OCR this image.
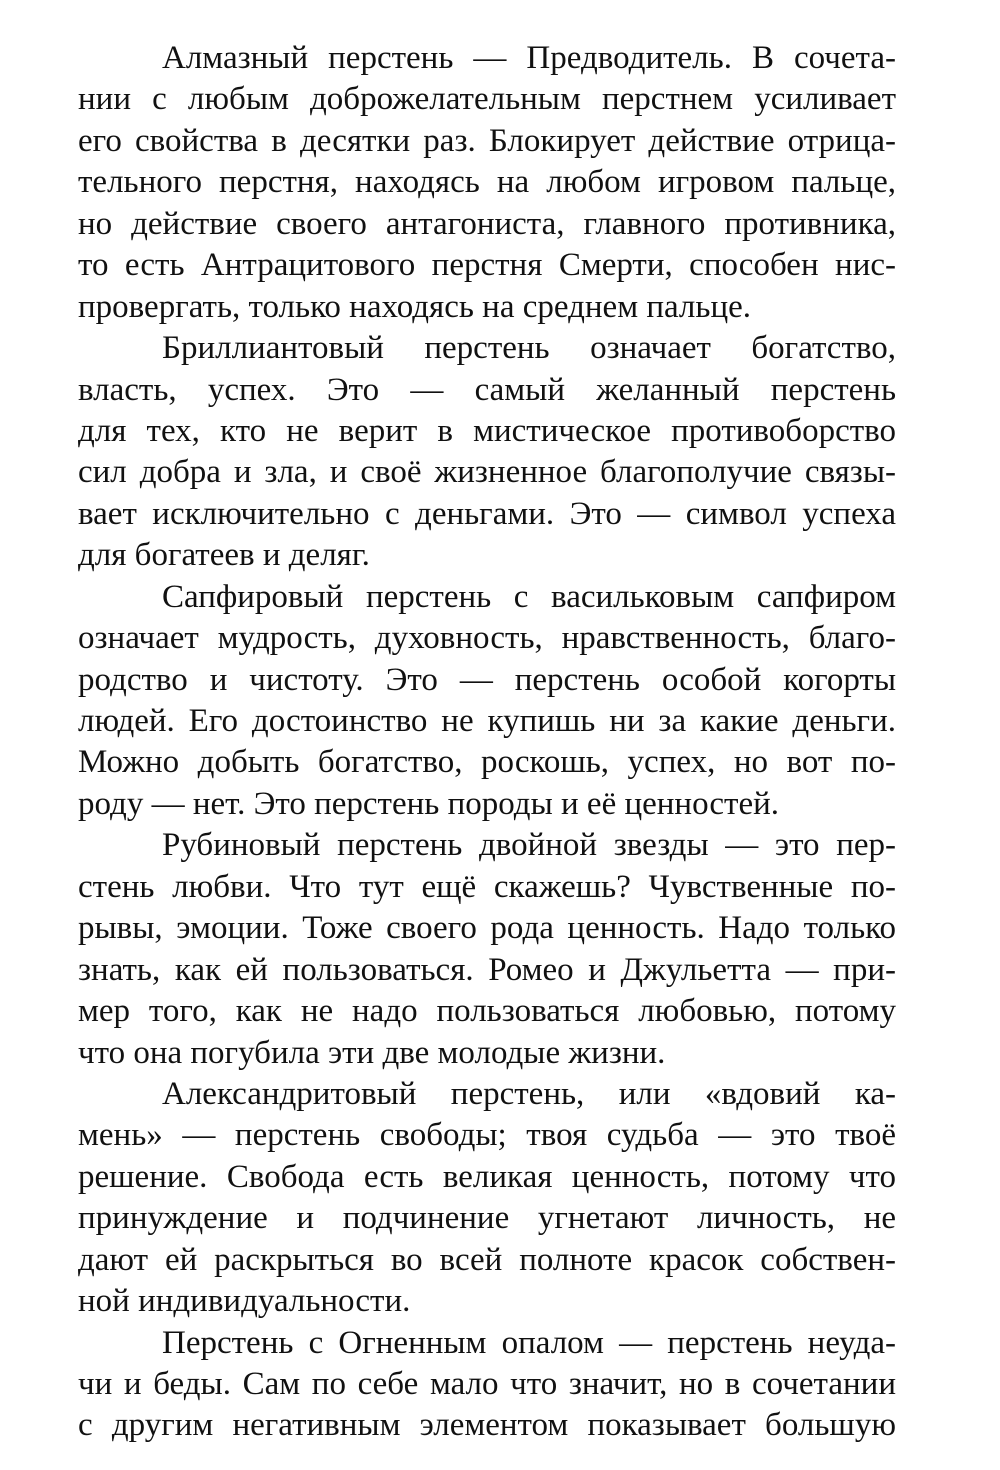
Алмазный перстень — Предводитель. В сочета-
нии с любым доброжелательным перстнем усиливает
его свойства в десятки раз. Блокирует действие отрица-
тельного перстня, находясь на любом игровом пальце,
но действие своего антагониста, главного противника,
то есть Антрацитового перстня Смерти, способен нис-
провергать, только находясь на среднем пальце.

Бриллиантовый перстень означает богатство,
власть, успех. Это — самый желанный перстень
для тех, кто не верит в мистическое противоборство
сил добра и зла, и своё жизненное благополучие связы-
вает исключительно с деньгами. Это — символ успеха
для богатеев и деляг.

Сапфировый перстень с васильковым сапфиром
означает мудрость, духовность, нравственность, благо-
родство и чистоту. Это — перстень особой когорты
людей. Его достоинство не купишь ни за какие деньги.
Можно добыть богатство, роскошь, успех, но вот по-
роду — нет. Это перстень породы и её ценностей.

Рубиновый перстень двойной звезды — это пер-
стень любви. Что тут ещё скажешь? Чувственные по-
рывы, эмоции. Тоже своего рода ценность. Надо только
знать, как ей пользоваться. Ромео и Джульетта — при-
мер того, как не надо пользоваться любовью, потому
что она погубила эти две молодые жизни.

Александритовый перстень, или «вдовий ка-
мень» — перстень свободы; твоя судьба — это твоё
решение. Свобода есть великая ценность, потому что
принуждение и подчинение угнетают личность, не
дают ей раскрыться во всей полноте красок собствен-
ной индивидуальности.

Перстень с Огненным опалом — перстень неуда-
чи и беды. Сам по себе мало что значит, но в сочетании
с другим негативным элементом показывает большую
